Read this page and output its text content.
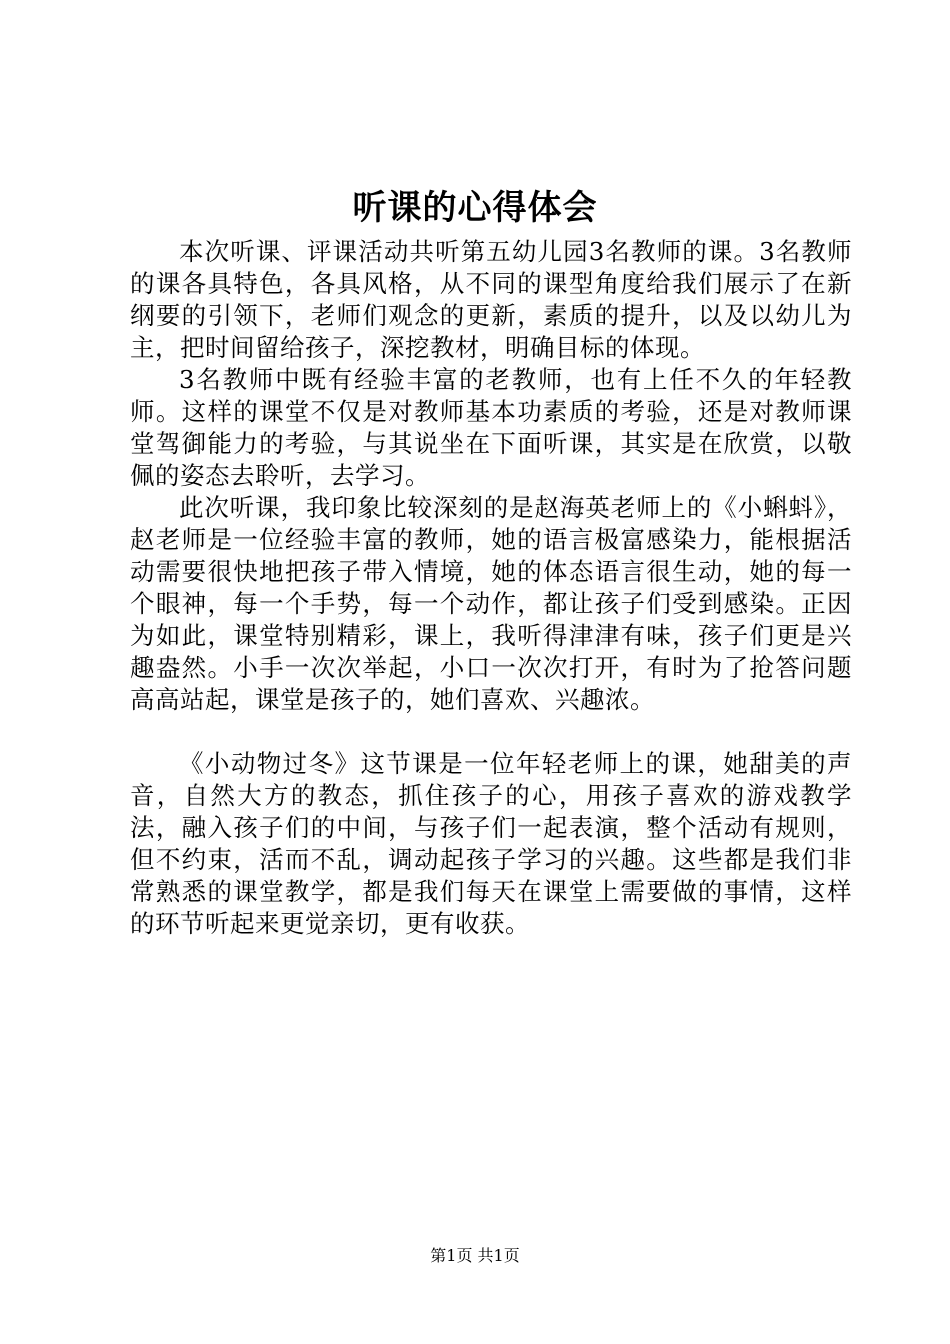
听课的心得体会

本次听课、评课活动共听第五幼儿园3名教师的课。3名教师的课各具特色，各具风格，从不同的课型角度给我们展示了在新纲要的引领下，老师们观念的更新，素质的提升，以及以幼儿为主，把时间留给孩子，深挖教材，明确目标的体现。

3名教师中既有经验丰富的老教师，也有上任不久的年轻教师。这样的课堂不仅是对教师基本功素质的考验，还是对教师课堂驾御能力的考验，与其说坐在下面听课，其实是在欣赏，以敬佩的姿态去聆听，去学习。

此次听课，我印象比较深刻的是赵海英老师上的《小蝌蚪》，赵老师是一位经验丰富的教师，她的语言极富感染力，能根据活动需要很快地把孩子带入情境，她的体态语言很生动，她的每一个眼神，每一个手势，每一个动作，都让孩子们受到感染。正因为如此，课堂特别精彩，课上，我听得津津有味，孩子们更是兴趣盎然。小手一次次举起，小口一次次打开，有时为了抢答问题高高站起，课堂是孩子的，她们喜欢、兴趣浓。

《小动物过冬》这节课是一位年轻老师上的课，她甜美的声音，自然大方的教态，抓住孩子的心，用孩子喜欢的游戏教学法，融入孩子们的中间，与孩子们一起表演，整个活动有规则，但不约束，活而不乱，调动起孩子学习的兴趣。这些都是我们非常熟悉的课堂教学，都是我们每天在课堂上需要做的事情，这样的环节听起来更觉亲切，更有收获。

第1页 共1页
